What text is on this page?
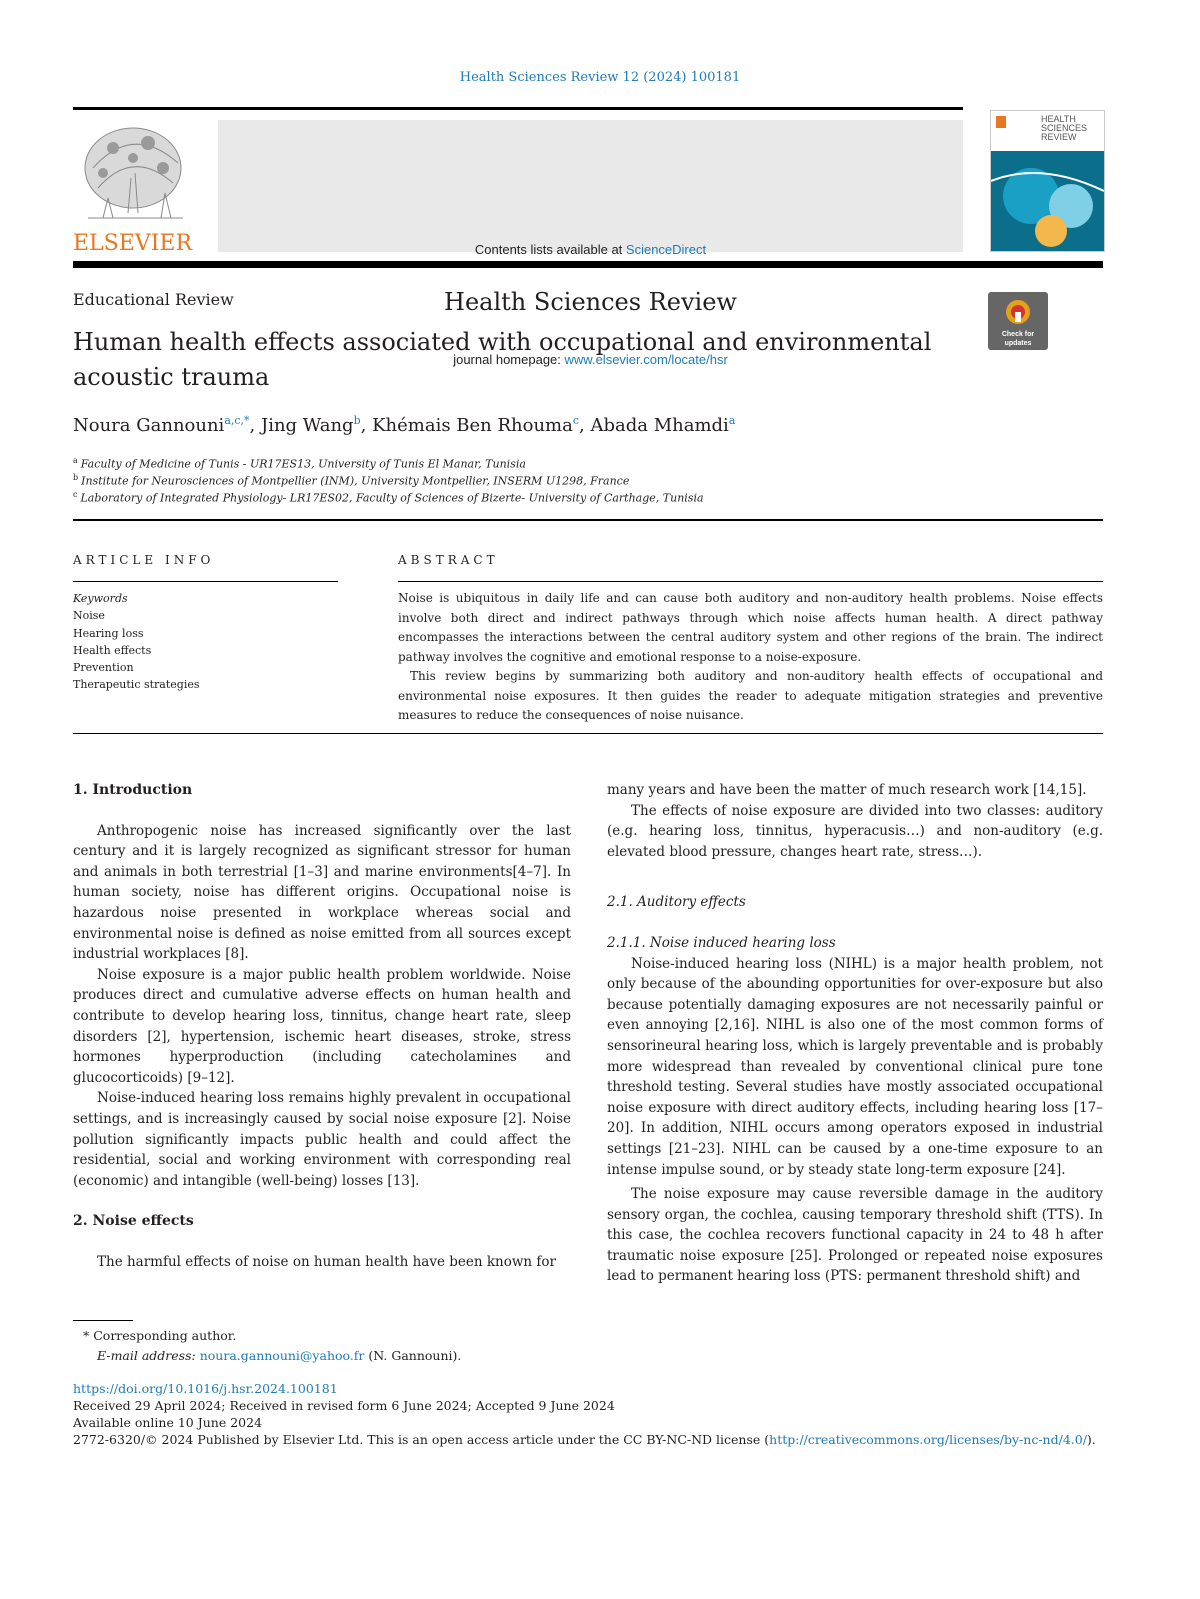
Health Sciences Review 12 (2024) 100181
ELSEVIER	Contents lists available at ScienceDirect
Health Sciences Review
journal homepage: www.elsevier.com/locate/hsr
HEALTH SCIENCES REVIEW
Educational Review
Human health effects associated with occupational and environmental acoustic trauma
Check for
updates
Noura Gannouni$^{a,c,*}$, Jing Wang$^b$, Khémais Ben Rhouma$^c$, Abada Mhamdi$^a$
$^a$ Faculty of Medicine of Tunis - UR17ES13, University of Tunis El Manar, Tunisia
$^b$ Institute for Neurosciences of Montpellier (INM), University Montpellier, INSERM U1298, France
$^c$ Laboratory of Integrated Physiology- LR17ES02, Faculty of Sciences of Bizerte- University of Carthage, Tunisia
ARTICLE INFO	ABSTRACT
Keywords
Noise
Hearing loss
Health effects
Prevention
Therapeutic strategies

Noise is ubiquitous in daily life and can cause both auditory and non-auditory health problems. Noise effects involve both direct and indirect pathways through which noise affects human health. A direct pathway encompasses the interactions between the central auditory system and other regions of the brain. The indirect pathway involves the cognitive and emotional response to a noise-exposure.

This review begins by summarizing both auditory and non-auditory health effects of occupational and environmental noise exposures. It then guides the reader to adequate mitigation strategies and preventive measures to reduce the consequences of noise nuisance.

1. Introduction

Anthropogenic noise has increased significantly over the last century and it is largely recognized as significant stressor for human and animals in both terrestrial [1–3] and marine environments[4–7]. In human society, noise has different origins. Occupational noise is hazardous noise presented in workplace whereas social and environmental noise is defined as noise emitted from all sources except industrial workplaces [8].

Noise exposure is a major public health problem worldwide. Noise produces direct and cumulative adverse effects on human health and contribute to develop hearing loss, tinnitus, change heart rate, sleep disorders [2], hypertension, ischemic heart diseases, stroke, stress hormones hyperproduction (including catecholamines and glucocorticoids) [9–12].

Noise-induced hearing loss remains highly prevalent in occupational settings, and is increasingly caused by social noise exposure [2]. Noise pollution significantly impacts public health and could affect the residential, social and working environment with corresponding real (economic) and intangible (well-being) losses [13].

2. Noise effects

The harmful effects of noise on human health have been known for

many years and have been the matter of much research work [14,15].

The effects of noise exposure are divided into two classes: auditory (e.g. hearing loss, tinnitus, hyperacusis…) and non-auditory (e.g. elevated blood pressure, changes heart rate, stress…).

2.1. Auditory effects

2.1.1. Noise induced hearing loss

Noise-induced hearing loss (NIHL) is a major health problem, not only because of the abounding opportunities for over-exposure but also because potentially damaging exposures are not necessarily painful or even annoying [2,16]. NIHL is also one of the most common forms of sensorineural hearing loss, which is largely preventable and is probably more widespread than revealed by conventional clinical pure tone threshold testing. Several studies have mostly associated occupational noise exposure with direct auditory effects, including hearing loss [17–20]. In addition, NIHL occurs among operators exposed in industrial settings [21–23]. NIHL can be caused by a one-time exposure to an intense impulse sound, or by steady state long-term exposure [24].

The noise exposure may cause reversible damage in the auditory sensory organ, the cochlea, causing temporary threshold shift (TTS). In this case, the cochlea recovers functional capacity in 24 to 48 h after traumatic noise exposure [25]. Prolonged or repeated noise exposures lead to permanent hearing loss (PTS: permanent threshold shift) and

* Corresponding author.
E-mail address: noura.gannouni@yahoo.fr (N. Gannouni).
https://doi.org/10.1016/j.hsr.2024.100181
Received 29 April 2024; Received in revised form 6 June 2024; Accepted 9 June 2024
Available online 10 June 2024
2772-6320/© 2024 Published by Elsevier Ltd. This is an open access article under the CC BY-NC-ND license (http://creativecommons.org/licenses/by-nc-nd/4.0/).
